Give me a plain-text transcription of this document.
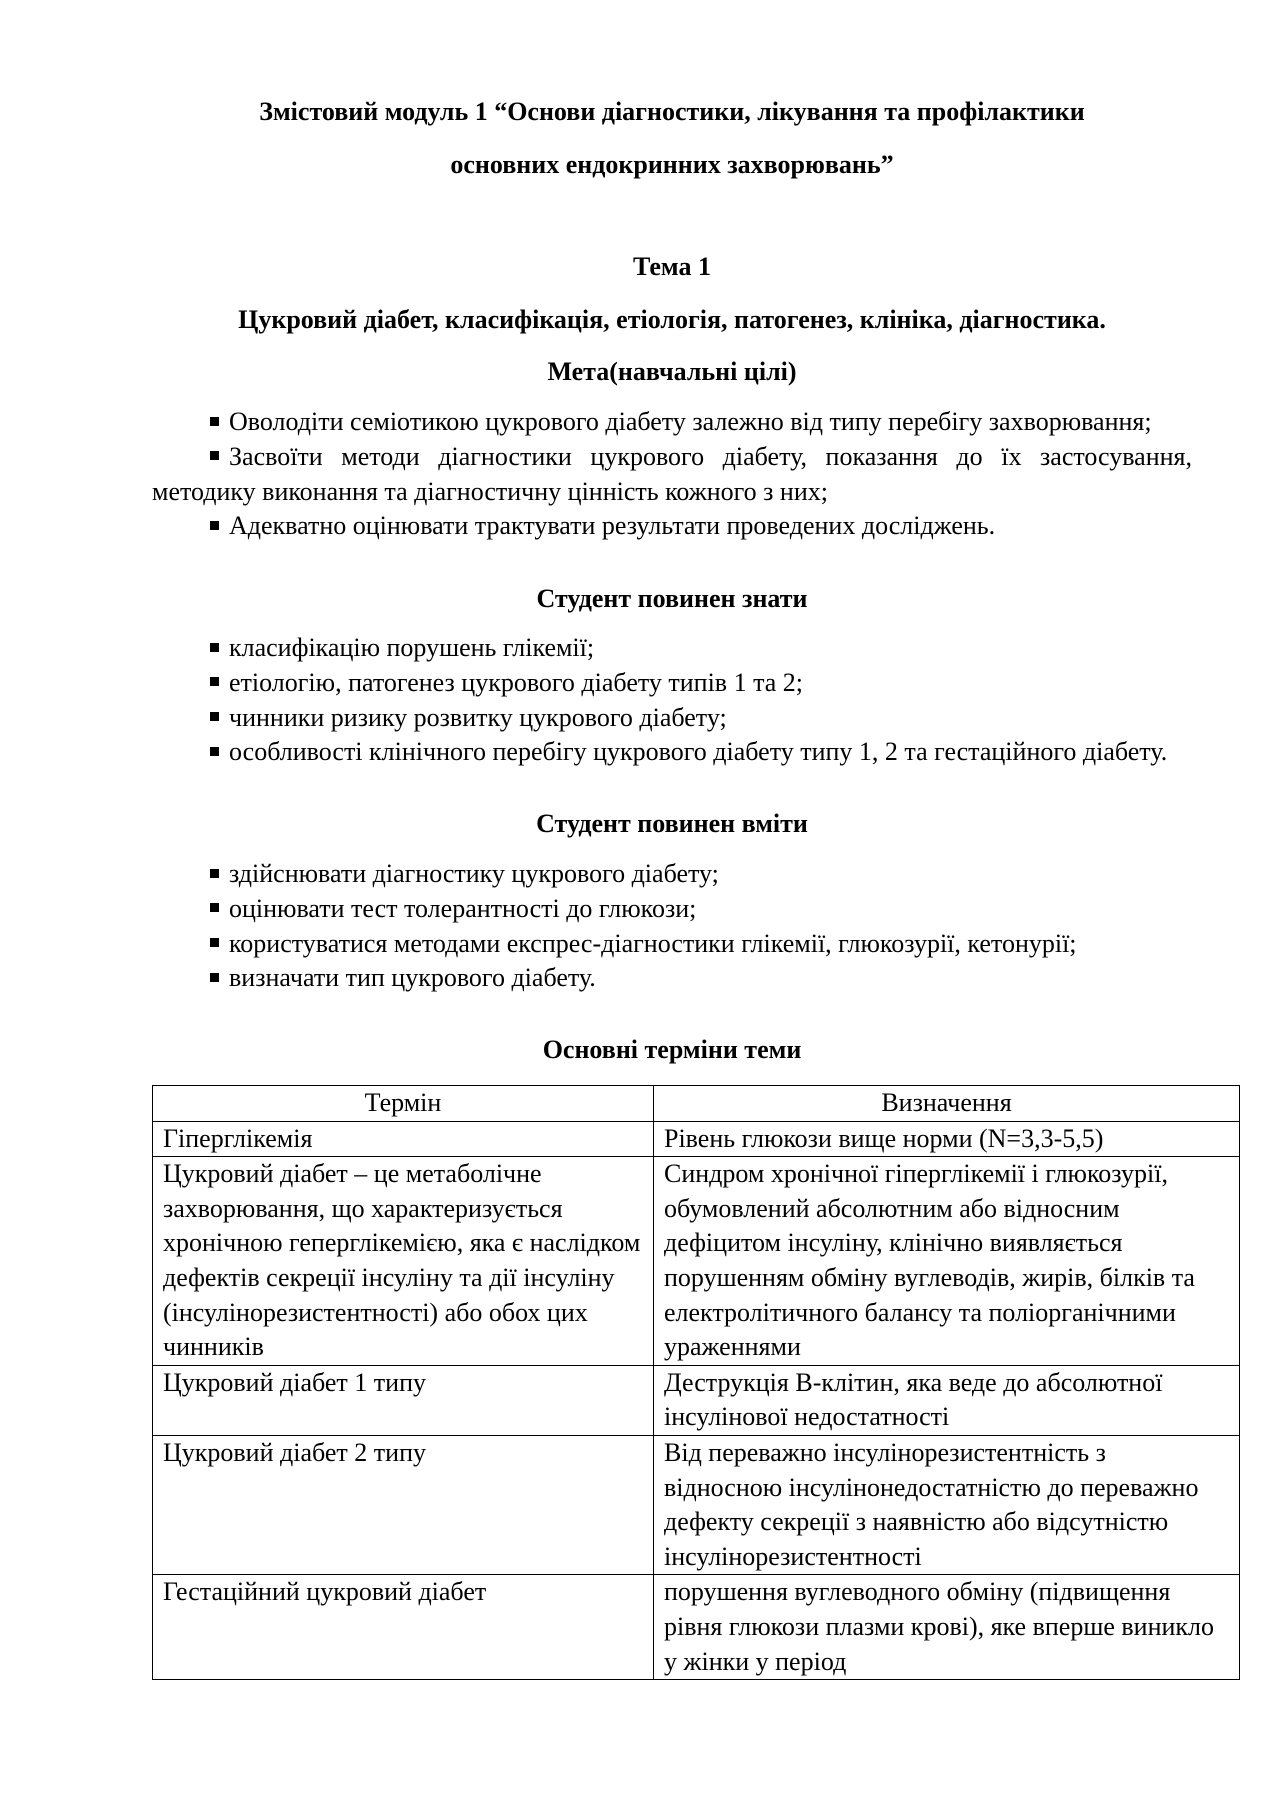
Змістовий модуль 1 “Основи діагностики, лікування та профілактики
основних ендокринних захворювань”
Тема 1
Цукровий діабет, класифікація, етіологія, патогенез, клініка, діагностика.
Мета(навчальні цілі)
Оволодіти семіотикою цукрового діабету залежно від типу перебігу захворювання;
Засвоїти методи діагностики цукрового діабету, показання до їх застосування, методику виконання та діагностичну цінність кожного з них;
Адекватно оцінювати трактувати результати проведених досліджень.
Студент повинен знати
класифікацію порушень глікемії;
етіологію, патогенез цукрового діабету типів 1 та 2;
чинники ризику розвитку цукрового діабету;
особливості клінічного перебігу цукрового діабету типу 1, 2 та гестаційного діабету.
Студент повинен вміти
здійснювати діагностику цукрового діабету;
оцінювати тест толерантності до глюкози;
користуватися методами експрес-діагностики глікемії, глюкозурії, кетонурії;
визначати тип цукрового діабету.
Основні терміни теми
Термін	Визначення
Гіперглікемія	Рівень глюкози вище норми (N=3,3-5,5)
Цукровий діабет – це метаболічне захворювання, що характеризується хронічною геперглікемією, яка є наслідком дефектів секреції інсуліну та дії інсуліну (інсулінорезистентності) або обох цих чинників	Синдром хронічної гіперглікемії і глюкозурії, обумовлений абсолютним або відносним дефіцитом інсуліну, клінічно виявляється порушенням обміну вуглеводів, жирів, білків та електролітичного балансу та поліорганічними ураженнями
Цукровий діабет 1 типу	Деструкція В-клітин, яка веде до абсолютної інсулінової недостатності
Цукровий діабет 2 типу	Від переважно інсулінорезистентність з відносною інсулінонедостатністю до переважно дефекту секреції з наявністю або відсутністю інсулінорезистентності
Гестаційний цукровий діабет	порушення вуглеводного обміну (підвищення рівня глюкози плазми крові), яке вперше виникло у жінки у період
